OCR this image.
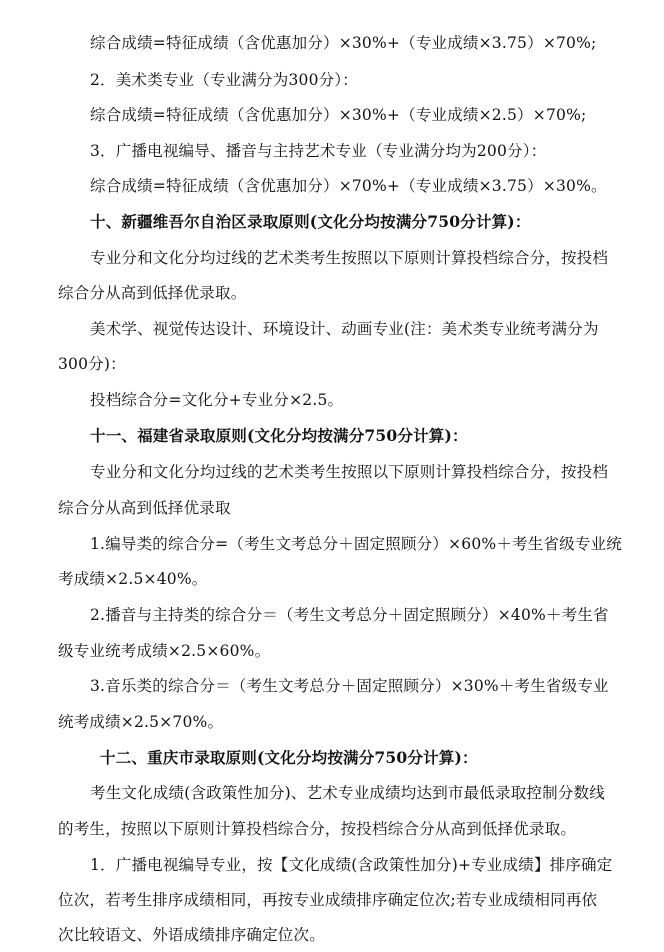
综合成绩=特征成绩（含优惠加分）×30%+（专业成绩×3.75）×70%;
2．美术类专业（专业满分为300分）：
综合成绩=特征成绩（含优惠加分）×30%+（专业成绩×2.5）×70%;
3．广播电视编导、播音与主持艺术专业（专业满分均为200分）：
综合成绩=特征成绩（含优惠加分）×70%+（专业成绩×3.75）×30%。
十、新疆维吾尔自治区录取原则(文化分均按满分750分计算)：
专业分和文化分均过线的艺术类考生按照以下原则计算投档综合分，按投档
综合分从高到低择优录取。
美术学、视觉传达设计、环境设计、动画专业(注：美术类专业统考满分为
300分)：
投档综合分=文化分+专业分×2.5。
十一、福建省录取原则(文化分均按满分750分计算)：
专业分和文化分均过线的艺术类考生按照以下原则计算投档综合分，按投档
综合分从高到低择优录取
1.编导类的综合分=（考生文考总分＋固定照顾分）×60%＋考生省级专业统
考成绩×2.5×40%。
2.播音与主持类的综合分＝（考生文考总分＋固定照顾分）×40%＋考生省
级专业统考成绩×2.5×60%。
3.音乐类的综合分＝（考生文考总分＋固定照顾分）×30%＋考生省级专业
统考成绩×2.5×70%。
十二、重庆市录取原则(文化分均按满分750分计算)：
考生文化成绩(含政策性加分)、艺术专业成绩均达到市最低录取控制分数线
的考生，按照以下原则计算投档综合分，按投档综合分从高到低择优录取。
1．广播电视编导专业，按【文化成绩(含政策性加分)+专业成绩】排序确定
位次，若考生排序成绩相同，再按专业成绩排序确定位次;若专业成绩相同再依
次比较语文、外语成绩排序确定位次。
